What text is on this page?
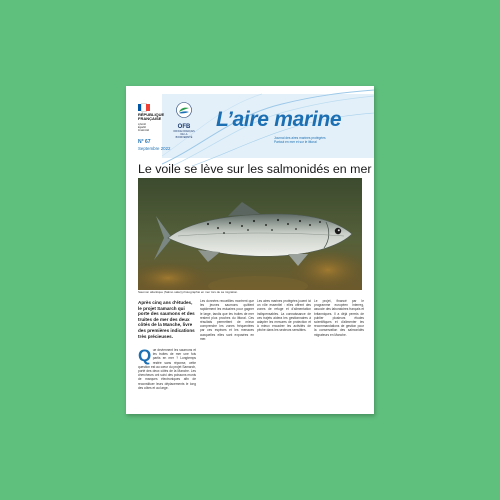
RÉPUBLIQUE
FRANÇAISE
Liberté
Égalité
Fraternité
OFB
OFFICE FRANÇAIS DE LA BIODIVERSITÉ
L’aire marine
Journal des aires marines protégées
Partout en mer et sur le littoral
N° 67
Septembre 2022
Le voile se lève sur les salmonidés en mer
Saumon atlantique (Salmo salar) photographié en mer lors de sa migration.
Après cinq ans d’études, le projet Samarch qui porte des saumons et des truites de mer des deux côtés de la Manche, livre des premières indications très précieuses.
Q ue deviennent les saumons et les truites de mer une fois partis en mer ? Longtemps restée sans réponse, cette question est au cœur du projet Samarch, porté des deux côtés de la Manche. Les chercheurs ont suivi des poissons munis de marques électroniques afin de reconstituer leurs déplacements le long des côtes et au large.
Les données recueillies montrent que les jeunes saumons quittent rapidement les estuaires pour gagner le large, tandis que les truites de mer restent plus proches du littoral. Ces résultats permettent de mieux comprendre les zones fréquentées par ces espèces et les menaces auxquelles elles sont exposées en mer.
Les aires marines protégées jouent ici un rôle essentiel : elles offrent des zones de refuge et d’alimentation indispensables. La connaissance de ces trajets aidera les gestionnaires à adapter les mesures de protection et à mieux encadrer les activités de pêche dans les secteurs sensibles.
Le projet, financé par le programme européen Interreg, associe des laboratoires français et britanniques. Il a déjà permis de publier plusieurs études scientifiques et d’alimenter les recommandations de gestion pour la conservation des salmonidés migrateurs en Manche.
